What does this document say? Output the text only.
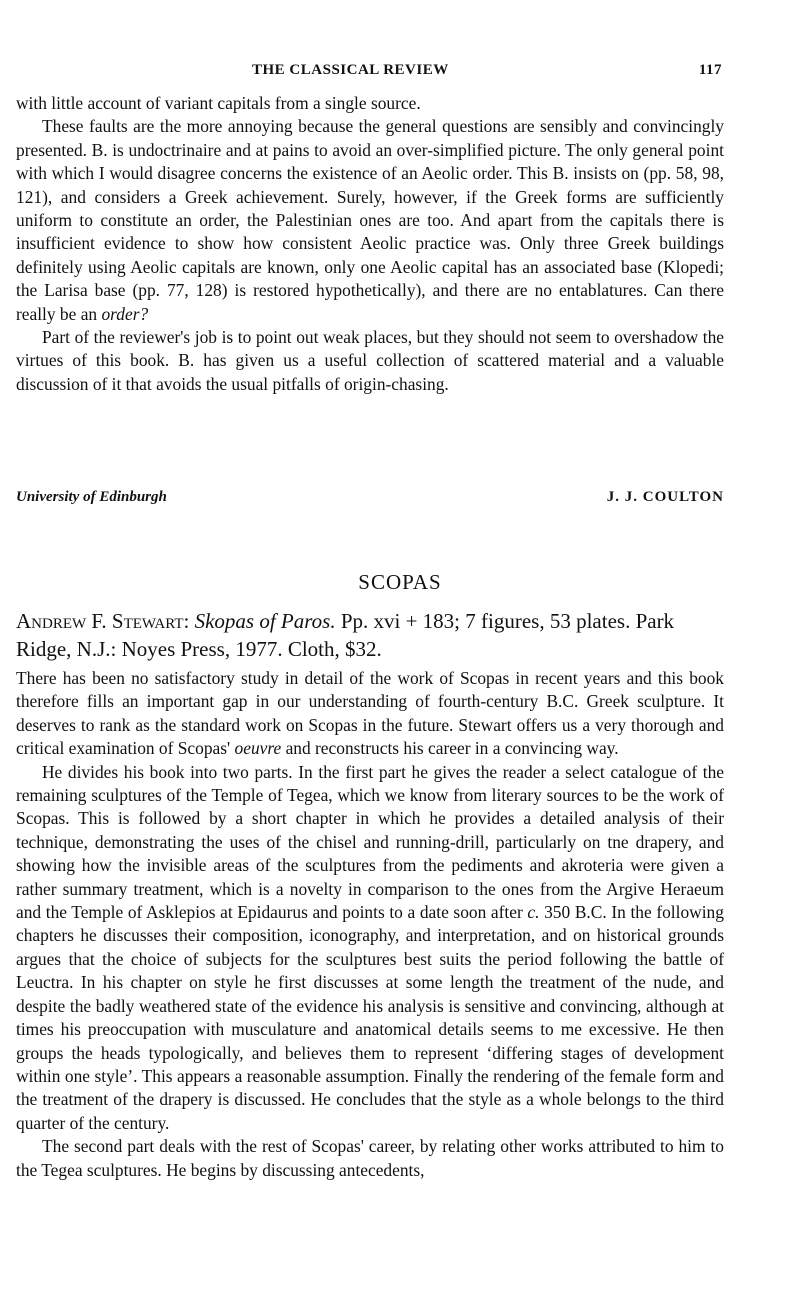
THE CLASSICAL REVIEW	117

with little account of variant capitals from a single source.

These faults are the more annoying because the general questions are sensibly and convincingly presented. B. is undoctrinaire and at pains to avoid an over-simplified picture. The only general point with which I would disagree concerns the existence of an Aeolic order. This B. insists on (pp. 58, 98, 121), and considers a Greek achievement. Surely, however, if the Greek forms are sufficiently uniform to constitute an order, the Palestinian ones are too. And apart from the capitals there is insufficient evidence to show how consistent Aeolic practice was. Only three Greek buildings definitely using Aeolic capitals are known, only one Aeolic capital has an associated base (Klopedi; the Larisa base (pp. 77, 128) is restored hypothetically), and there are no entablatures. Can there really be an order?

Part of the reviewer's job is to point out weak places, but they should not seem to overshadow the virtues of this book. B. has given us a useful collection of scattered material and a valuable discussion of it that avoids the usual pitfalls of origin-chasing.

University of Edinburgh	J. J. COULTON
SCOPAS
Andrew F. Stewart: Skopas of Paros. Pp. xvi + 183; 7 figures, 53 plates. Park Ridge, N.J.: Noyes Press, 1977. Cloth, $32.

There has been no satisfactory study in detail of the work of Scopas in recent years and this book therefore fills an important gap in our understanding of fourth-century B.C. Greek sculpture. It deserves to rank as the standard work on Scopas in the future. Stewart offers us a very thorough and critical examination of Scopas' oeuvre and reconstructs his career in a convincing way.

He divides his book into two parts. In the first part he gives the reader a select catalogue of the remaining sculptures of the Temple of Tegea, which we know from literary sources to be the work of Scopas. This is followed by a short chapter in which he provides a detailed analysis of their technique, demonstrating the uses of the chisel and running-drill, particularly on tne drapery, and showing how the invisible areas of the sculptures from the pediments and akroteria were given a rather summary treatment, which is a novelty in comparison to the ones from the Argive Heraeum and the Temple of Asklepios at Epidaurus and points to a date soon after c. 350 B.C. In the following chapters he discusses their composition, iconography, and interpretation, and on historical grounds argues that the choice of subjects for the sculptures best suits the period following the battle of Leuctra. In his chapter on style he first discusses at some length the treatment of the nude, and despite the badly weathered state of the evidence his analysis is sensitive and convincing, although at times his preoccupation with musculature and anatomical details seems to me excessive. He then groups the heads typologically, and believes them to represent ‘differing stages of development within one style’. This appears a reasonable assumption. Finally the rendering of the female form and the treatment of the drapery is discussed. He concludes that the style as a whole belongs to the third quarter of the century.

The second part deals with the rest of Scopas' career, by relating other works attributed to him to the Tegea sculptures. He begins by discussing antecedents,
